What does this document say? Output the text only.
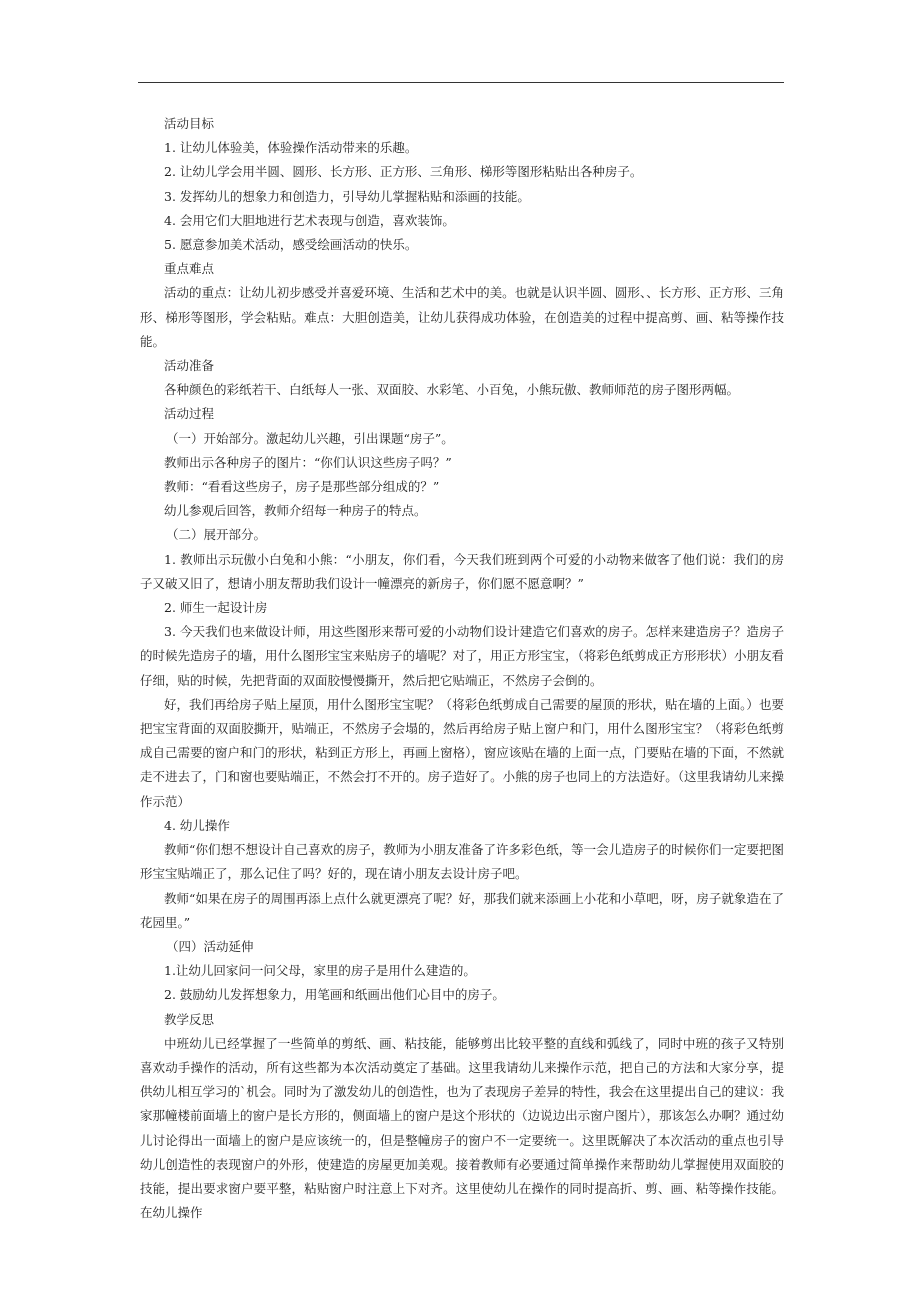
活动目标

1. 让幼儿体验美，体验操作活动带来的乐趣。

2. 让幼儿学会用半圆、圆形、长方形、正方形、三角形、梯形等图形粘贴出各种房子。

3. 发挥幼儿的想象力和创造力，引导幼儿掌握粘贴和添画的技能。

4. 会用它们大胆地进行艺术表现与创造，喜欢装饰。

5. 愿意参加美术活动，感受绘画活动的快乐。

重点难点

活动的重点：让幼儿初步感受并喜爱环境、生活和艺术中的美。也就是认识半圆、圆形、、长方形、正方形、三角形、梯形等图形，学会粘贴。难点：大胆创造美，让幼儿获得成功体验，在创造美的过程中提高剪、画、粘等操作技能。

活动准备

各种颜色的彩纸若干、白纸每人一张、双面胶、水彩笔、小百兔，小熊玩傲、教师师范的房子图形两幅。

活动过程

（一）开始部分。激起幼儿兴趣，引出课题“房子”。

教师出示各种房子的图片：“你们认识这些房子吗？”

教师：“看看这些房子，房子是那些部分组成的？”

幼儿参观后回答，教师介绍每一种房子的特点。

（二）展开部分。

1. 教师出示玩傲小白兔和小熊：“小朋友，你们看，今天我们班到两个可爱的小动物来做客了他们说：我们的房子又破又旧了，想请小朋友帮助我们设计一幢漂亮的新房子，你们愿不愿意啊？”

2. 师生一起设计房

3. 今天我们也来做设计师，用这些图形来帮可爱的小动物们设计建造它们喜欢的房子。怎样来建造房子？造房子的时候先造房子的墙，用什么图形宝宝来贴房子的墙呢？对了，用正方形宝宝，（将彩色纸剪成正方形形状）小朋友看仔细，贴的时候，先把背面的双面胶慢慢撕开，然后把它贴端正，不然房子会倒的。

好，我们再给房子贴上屋顶，用什么图形宝宝呢？（将彩色纸剪成自己需要的屋顶的形状，贴在墙的上面。）也要把宝宝背面的双面胶撕开，贴端正，不然房子会塌的，然后再给房子贴上窗户和门，用什么图形宝宝？（将彩色纸剪成自己需要的窗户和门的形状，粘到正方形上，再画上窗格），窗应该贴在墙的上面一点，门要贴在墙的下面，不然就走不进去了，门和窗也要贴端正，不然会打不开的。房子造好了。小熊的房子也同上的方法造好。（这里我请幼儿来操作示范）

4. 幼儿操作

教师“你们想不想设计自己喜欢的房子，教师为小朋友准备了许多彩色纸，等一会儿造房子的时候你们一定要把图形宝宝贴端正了，那么记住了吗？好的，现在请小朋友去设计房子吧。

教师“如果在房子的周围再添上点什么就更漂亮了呢？好，那我们就来添画上小花和小草吧，呀，房子就象造在了花园里。”

（四）活动延伸

1.让幼儿回家问一问父母，家里的房子是用什么建造的。

2. 鼓励幼儿发挥想象力，用笔画和纸画出他们心目中的房子。

教学反思

中班幼儿已经掌握了一些简单的剪纸、画、粘技能，能够剪出比较平整的直线和弧线了，同时中班的孩子又特别喜欢动手操作的活动，所有这些都为本次活动奠定了基础。这里我请幼儿来操作示范，把自己的方法和大家分享，提供幼儿相互学习的`机会。同时为了激发幼儿的创造性，也为了表现房子差异的特性，我会在这里提出自己的建议：我家那幢楼前面墙上的窗户是长方形的，侧面墙上的窗户是这个形状的（边说边出示窗户图片），那该怎么办啊？通过幼儿讨论得出一面墙上的窗户是应该统一的，但是整幢房子的窗户不一定要统一。这里既解决了本次活动的重点也引导幼儿创造性的表现窗户的外形，使建造的房屋更加美观。接着教师有必要通过简单操作来帮助幼儿掌握使用双面胶的技能，提出要求窗户要平整，粘贴窗户时注意上下对齐。这里使幼儿在操作的同时提高折、剪、画、粘等操作技能。在幼儿操作
